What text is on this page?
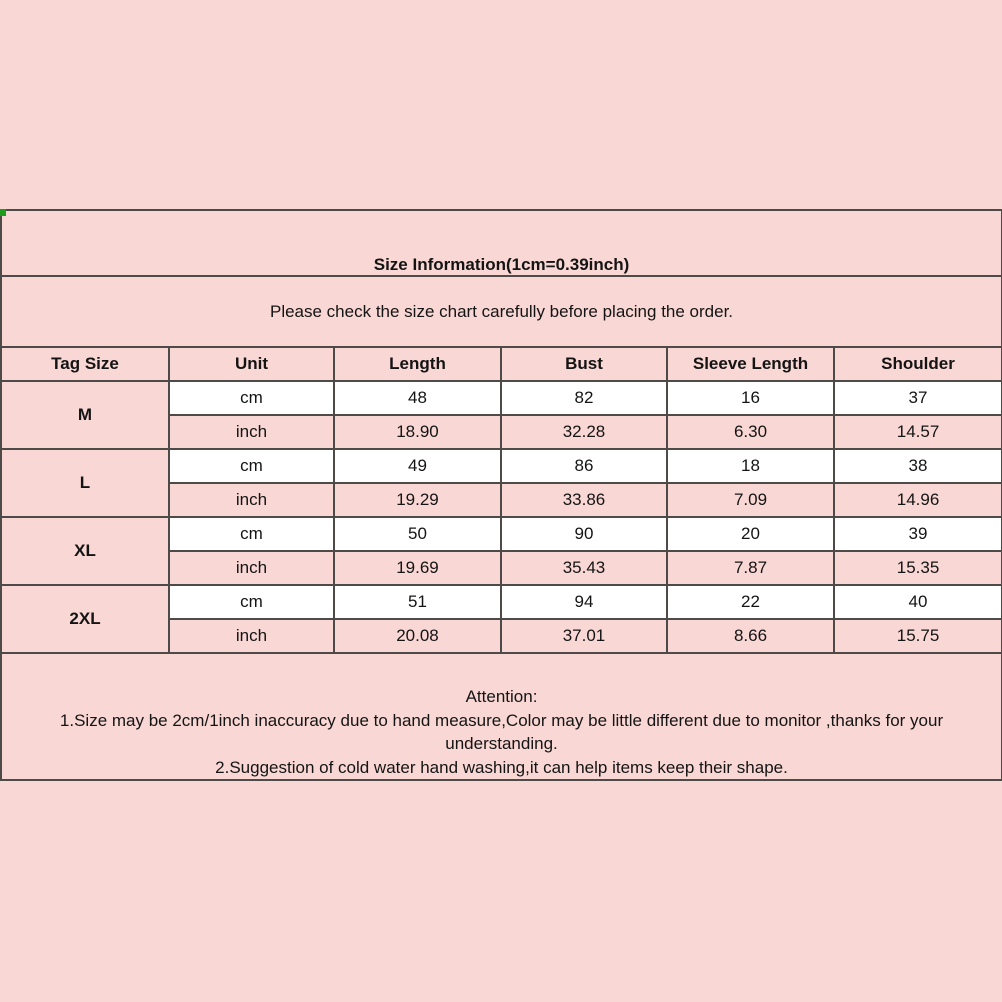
Size Information(1cm=0.39inch)					
Please check the size chart carefully before placing the order.					
Tag Size	Unit	Length	Bust	Sleeve Length	Shoulder
M	cm	48	82	16	37
	inch	18.90	32.28	6.30	14.57
L	cm	49	86	18	38
	inch	19.29	33.86	7.09	14.96
XL	cm	50	90	20	39
	inch	19.69	35.43	7.87	15.35
2XL	cm	51	94	22	40
	inch	20.08	37.01	8.66	15.75

Attention:
1.Size may be 2cm/1inch inaccuracy due to hand measure,Color may be little different due to monitor ,thanks for your understanding.
2.Suggestion of cold water hand washing,it can help items keep their shape.					
